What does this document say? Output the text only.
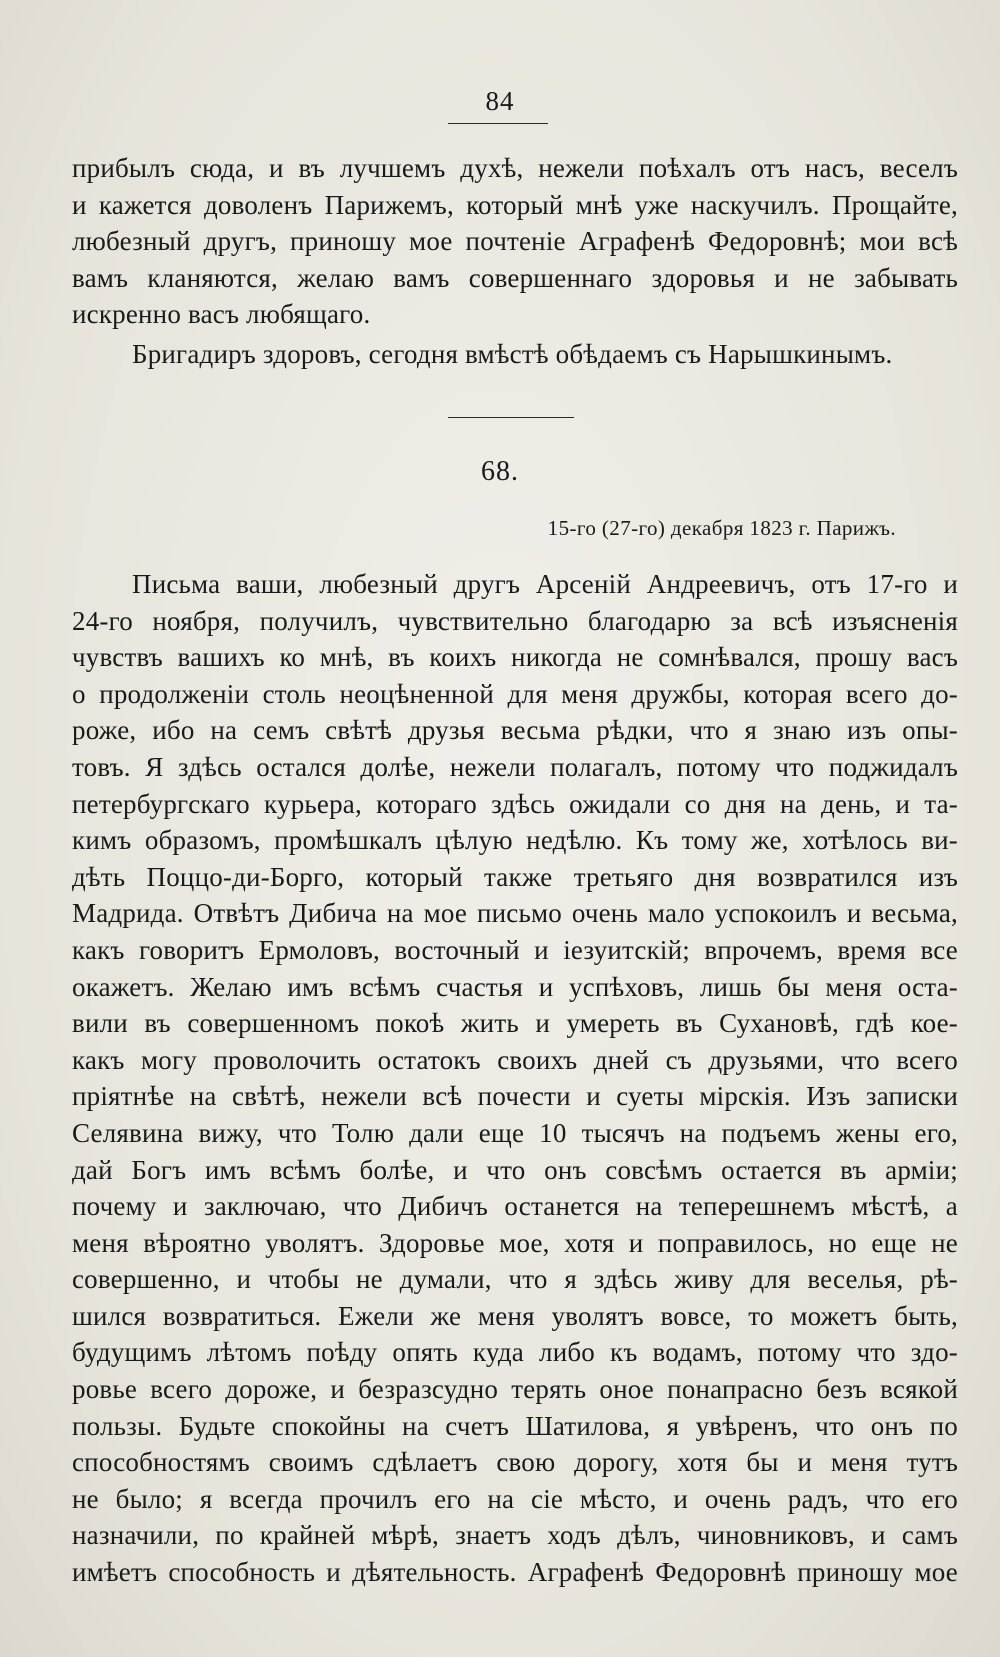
84
прибылъ сюда, и въ лучшемъ духѣ, нежели поѣхалъ отъ насъ, веселъ
и кажется доволенъ Парижемъ, который мнѣ уже наскучилъ. Прощайте,
любезный другъ, приношу мое почтеніе Аграфенѣ Федоровнѣ; мои всѣ
вамъ кланяются, желаю вамъ совершеннаго здоровья и не забывать
искренно васъ любящаго.
Бригадиръ здоровъ, сегодня вмѣстѣ обѣдаемъ съ Нарышкинымъ.
68.
15-го (27-го) декабря 1823 г. Парижъ.
Письма ваши, любезный другъ Арсеній Андреевичъ, отъ 17-го и
24-го ноября, получилъ, чувствительно благодарю за всѣ изъясненія
чувствъ вашихъ ко мнѣ, въ коихъ никогда не сомнѣвался, прошу васъ
о продолженіи столь неоцѣненной для меня дружбы, которая всего до-
роже, ибо на семъ свѣтѣ друзья весьма рѣдки, что я знаю изъ опы-
товъ. Я здѣсь остался долѣе, нежели полагалъ, потому что поджидалъ
петербургскаго курьера, котораго здѣсь ожидали со дня на день, и та-
кимъ образомъ, промѣшкалъ цѣлую недѣлю. Къ тому же, хотѣлось ви-
дѣть Поццо-ди-Борго, который также третьяго дня возвратился изъ
Мадрида. Отвѣтъ Дибича на мое письмо очень мало успокоилъ и весьма,
какъ говоритъ Ермоловъ, восточный и іезуитскій; впрочемъ, время все
окажетъ. Желаю имъ всѣмъ счастья и успѣховъ, лишь бы меня оста-
вили въ совершенномъ покоѣ жить и умереть въ Сухановѣ, гдѣ кое-
какъ могу проволочить остатокъ своихъ дней съ друзьями, что всего
пріятнѣе на свѣтѣ, нежели всѣ почести и суеты мірскія. Изъ записки
Селявина вижу, что Толю дали еще 10 тысячъ на подъемъ жены его,
дай Богъ имъ всѣмъ болѣе, и что онъ совсѣмъ остается въ арміи;
почему и заключаю, что Дибичъ останется на теперешнемъ мѣстѣ, а
меня вѣроятно уволятъ. Здоровье мое, хотя и поправилось, но еще не
совершенно, и чтобы не думали, что я здѣсь живу для веселья, рѣ-
шился возвратиться. Ежели же меня уволятъ вовсе, то можетъ быть,
будущимъ лѣтомъ поѣду опять куда либо къ водамъ, потому что здо-
ровье всего дороже, и безразсудно терять оное понапрасно безъ всякой
пользы. Будьте спокойны на счетъ Шатилова, я увѣренъ, что онъ по
способностямъ своимъ сдѣлаетъ свою дорогу, хотя бы и меня тутъ
не было; я всегда прочилъ его на сіе мѣсто, и очень радъ, что его
назначили, по крайней мѣрѣ, знаетъ ходъ дѣлъ, чиновниковъ, и самъ
имѣетъ способность и дѣятельность. Аграфенѣ Федоровнѣ приношу мое
